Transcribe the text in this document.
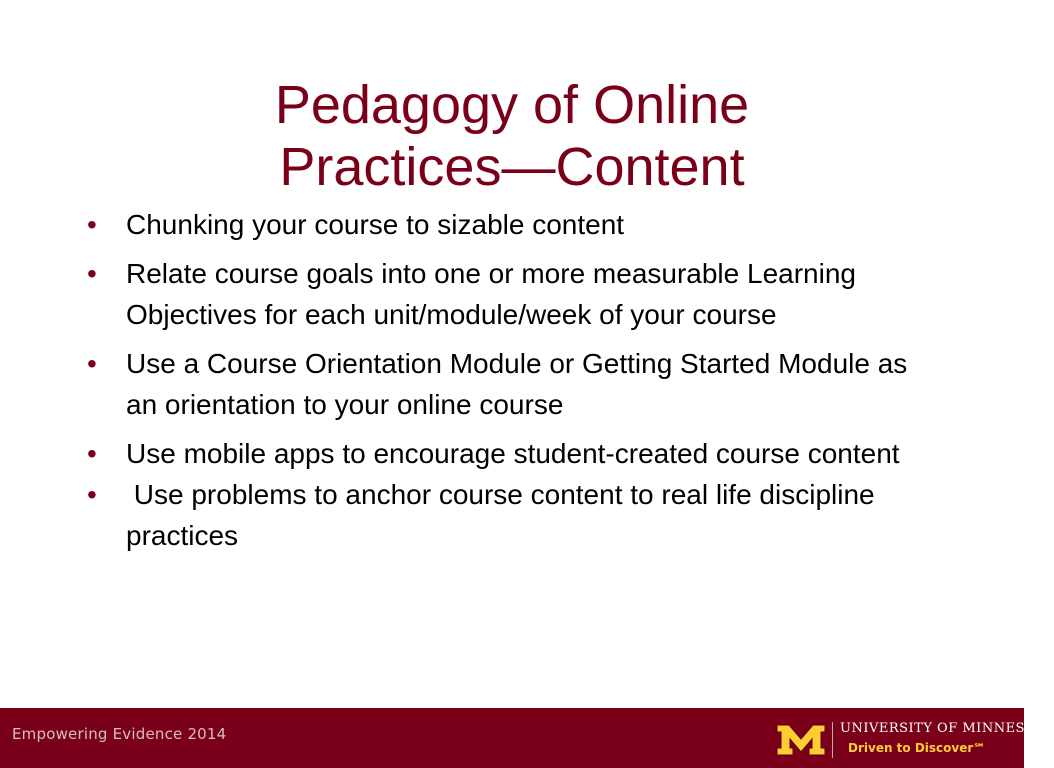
Pedagogy of Online
Practices—Content
• Chunking your course to sizable content
• Relate course goals into one or more measurable Learning Objectives for each unit/module/week of your course
• Use a Course Orientation Module or Getting Started Module as an orientation to your online course
• Use mobile apps to encourage student-created course content
• Use problems to anchor course content to real life discipline practices
Empowering Evidence 2014	UNIVERSITY OF MINNESOTA
Driven to Discover℠
